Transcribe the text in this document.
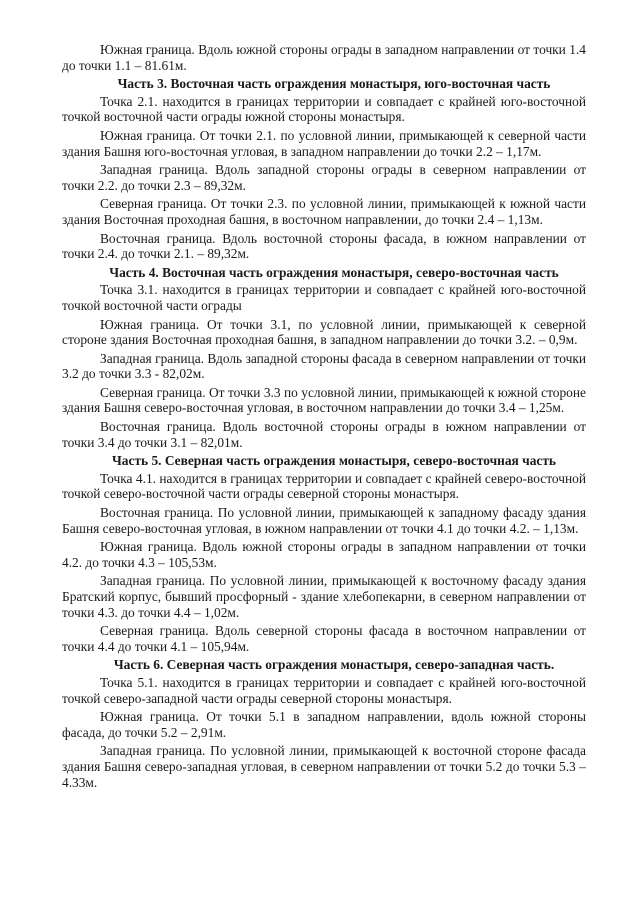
Южная граница. Вдоль южной стороны ограды в западном направлении от точки 1.4 до точки 1.1 – 81.61м.

Часть 3. Восточная часть ограждения монастыря, юго-восточная часть

Точка 2.1. находится в границах территории и совпадает с крайней юго-восточной точкой восточной части ограды южной стороны монастыря.

Южная граница. От точки 2.1. по условной линии, примыкающей к северной части здания Башня юго-восточная угловая, в западном направлении до точки 2.2 – 1,17м.

Западная граница. Вдоль западной стороны ограды в северном направлении от точки 2.2. до точки 2.3 – 89,32м.

Северная граница. От точки 2.3. по условной линии, примыкающей к южной части здания Восточная проходная башня, в восточном направлении, до точки 2.4 – 1,13м.

Восточная граница. Вдоль восточной стороны фасада, в южном направлении от точки 2.4. до точки 2.1. – 89,32м.

Часть 4. Восточная часть ограждения монастыря, северо-восточная часть

Точка 3.1. находится в границах территории и совпадает с крайней юго-восточной точкой восточной части ограды

Южная граница. От точки 3.1, по условной линии, примыкающей к северной стороне здания Восточная проходная башня, в западном направлении до точки 3.2. – 0,9м.

Западная граница. Вдоль западной стороны фасада в северном направлении от точки 3.2 до точки 3.3 - 82,02м.

Северная граница. От точки 3.3 по условной линии, примыкающей к южной стороне здания Башня северо-восточная угловая, в восточном направлении до точки 3.4 – 1,25м.

Восточная граница. Вдоль восточной стороны ограды в южном направлении от точки 3.4 до точки 3.1 – 82,01м.

Часть 5. Северная часть ограждения монастыря, северо-восточная часть

Точка 4.1. находится в границах территории и совпадает с крайней северо-восточной точкой северо-восточной части ограды северной стороны монастыря.

Восточная граница. По условной линии, примыкающей к западному фасаду здания Башня северо-восточная угловая, в южном направлении от точки 4.1 до точки 4.2. – 1,13м.

Южная граница. Вдоль южной стороны ограды в западном направлении от точки 4.2. до точки 4.3 – 105,53м.

Западная граница. По условной линии, примыкающей к восточному фасаду здания Братский корпус, бывший просфорный - здание хлебопекарни, в северном направлении от точки 4.3. до точки 4.4 – 1,02м.

Северная граница. Вдоль северной стороны фасада в восточном направлении от точки 4.4 до точки 4.1 – 105,94м.

Часть 6. Северная часть ограждения монастыря, северо-западная часть.

Точка 5.1. находится в границах территории и совпадает с крайней юго-восточной точкой северо-западной части ограды северной стороны монастыря.

Южная граница. От точки 5.1 в западном направлении, вдоль южной стороны фасада, до точки 5.2 – 2,91м.

Западная граница. По условной линии, примыкающей к восточной стороне фасада здания Башня северо-западная угловая, в северном направлении от точки 5.2 до точки 5.3 – 4.33м.
